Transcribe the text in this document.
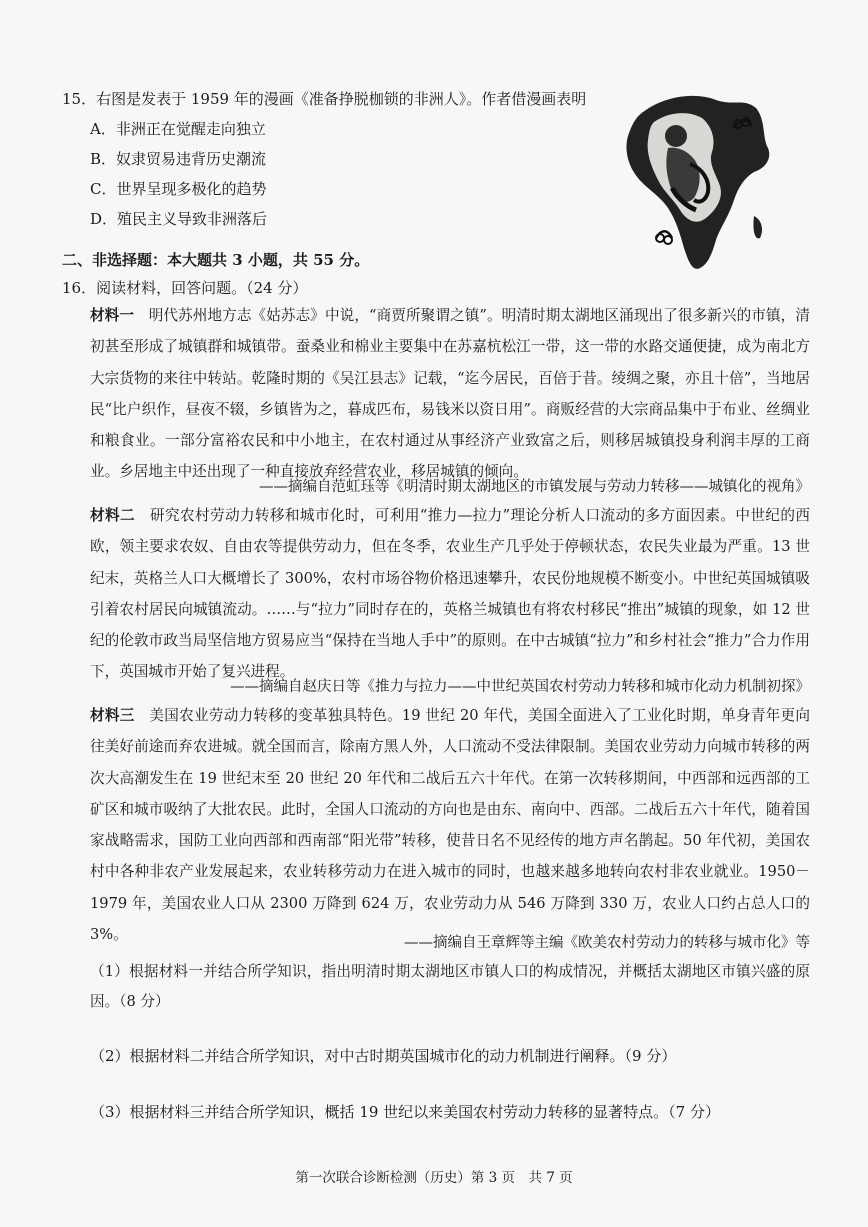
15．右图是发表于 1959 年的漫画《准备挣脱枷锁的非洲人》。作者借漫画表明
A．非洲正在觉醒走向独立
B．奴隶贸易违背历史潮流
C．世界呈现多极化的趋势
D．殖民主义导致非洲落后
二、非选择题：本大题共 3 小题，共 55 分。
16．阅读材料，回答问题。（24 分）
材料一　 明代苏州地方志《姑苏志》中说，“商贾所聚谓之镇”。明清时期太湖地区涌现出了很多新兴的市镇，清初甚至形成了城镇群和城镇带。蚕桑业和棉业主要集中在苏嘉杭松江一带，这一带的水路交通便捷，成为南北方大宗货物的来往中转站。乾隆时期的《吴江县志》记载，“迄今居民，百倍于昔。绫绸之聚，亦且十倍”，当地居民“比户织作，昼夜不辍，乡镇皆为之，暮成匹布，易钱米以资日用”。商贩经营的大宗商品集中于布业、丝绸业和粮食业。一部分富裕农民和中小地主，在农村通过从事经济产业致富之后，则移居城镇投身利润丰厚的工商业。乡居地主中还出现了一种直接放弃经营农业，移居城镇的倾向。
——摘编自范虹珏等《明清时期太湖地区的市镇发展与劳动力转移——城镇化的视角》
材料二　 研究农村劳动力转移和城市化时，可利用“推力—拉力”理论分析人口流动的多方面因素。中世纪的西欧，领主要求农奴、自由农等提供劳动力，但在冬季，农业生产几乎处于停顿状态，农民失业最为严重。13 世纪末，英格兰人口大概增长了 300%，农村市场谷物价格迅速攀升，农民份地规模不断变小。中世纪英国城镇吸引着农村居民向城镇流动。……与“拉力”同时存在的，英格兰城镇也有将农村移民“推出”城镇的现象，如 12 世纪的伦敦市政当局坚信地方贸易应当“保持在当地人手中”的原则。在中古城镇“拉力”和乡村社会“推力”合力作用下，英国城市开始了复兴进程。
——摘编自赵庆日等《推力与拉力——中世纪英国农村劳动力转移和城市化动力机制初探》
材料三　 美国农业劳动力转移的变革独具特色。19 世纪 20 年代，美国全面进入了工业化时期，单身青年更向往美好前途而弃农进城。就全国而言，除南方黑人外，人口流动不受法律限制。美国农业劳动力向城市转移的两次大高潮发生在 19 世纪末至 20 世纪 20 年代和二战后五六十年代。在第一次转移期间，中西部和远西部的工矿区和城市吸纳了大批农民。此时，全国人口流动的方向也是由东、南向中、西部。二战后五六十年代，随着国家战略需求，国防工业向西部和西南部“阳光带”转移，使昔日名不见经传的地方声名鹊起。50 年代初，美国农村中各种非农产业发展起来，农业转移劳动力在进入城市的同时，也越来越多地转向农村非农业就业。1950－1979 年，美国农业人口从 2300 万降到 624 万，农业劳动力从 546 万降到 330 万，农业人口约占总人口的 3%。	——摘编自王章辉等主编《欧美农村劳动力的转移与城市化》等
（1）根据材料一并结合所学知识，指出明清时期太湖地区市镇人口的构成情况，并概括太湖地区市镇兴盛的原因。（8 分）
（2）根据材料二并结合所学知识，对中古时期英国城市化的动力机制进行阐释。（9 分）
（3）根据材料三并结合所学知识，概括 19 世纪以来美国农村劳动力转移的显著特点。（7 分）
第一次联合诊断检测（历史）第 3 页　共 7 页
